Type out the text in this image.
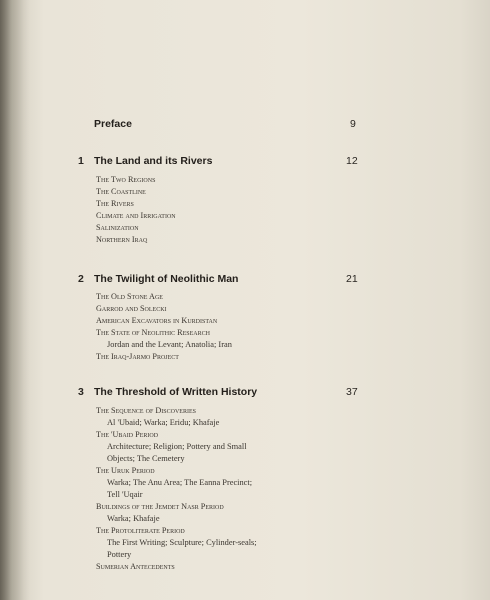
Preface	9
1 The Land and its Rivers	12
The Two Regions
The Coastline
The Rivers
Climate and Irrigation
Salinization
Northern Iraq
2 The Twilight of Neolithic Man	21
The Old Stone Age
Garrod and Solecki
American Excavators in Kurdistan
The State of Neolithic Research
Jordan and the Levant; Anatolia; Iran
The Iraq-Jarmo Project
3 The Threshold of Written History	37
The Sequence of Discoveries
Al 'Ubaid; Warka; Eridu; Khafaje
The 'Ubaid Period
Architecture; Religion; Pottery and Small
Objects; The Cemetery
The Uruk Period
Warka; The Anu Area; The Eanna Precinct;
Tell 'Uqair
Buildings of the Jemdet Nasr Period
Warka; Khafaje
The Protoliterate Period
The First Writing; Sculpture; Cylinder-seals;
Pottery
Sumerian Antecedents
